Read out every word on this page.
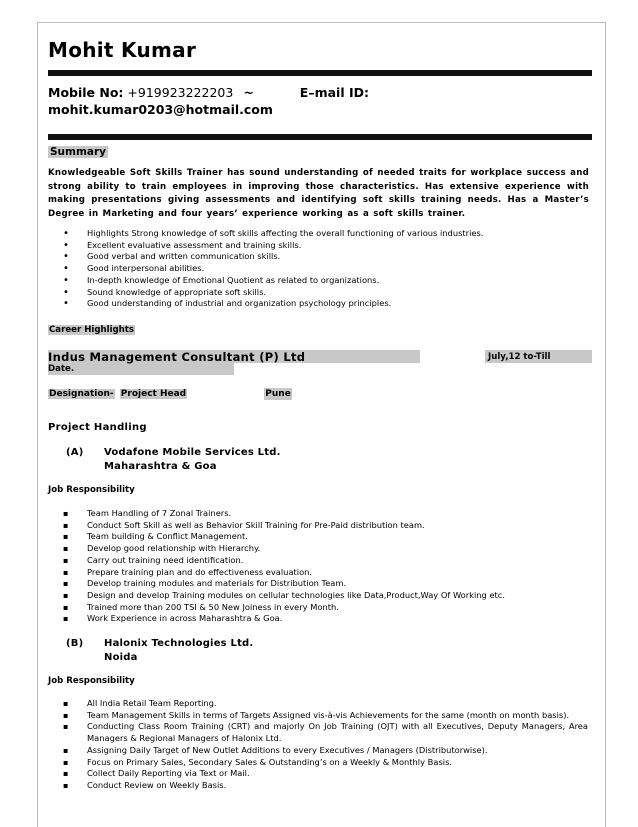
Mohit Kumar
Mobile No: +919923222203 ~	E–mail ID:
mohit.kumar0203@hotmail.com
Summary
Knowledgeable Soft Skills Trainer has sound understanding of needed traits for workplace success and strong ability to train employees in improving those characteristics. Has extensive experience with making presentations giving assessments and identifying soft skills training needs. Has a Master’s Degree in Marketing and four years’ experience working as a soft skills trainer.
• Highlights Strong knowledge of soft skills affecting the overall functioning of various industries.
• Excellent evaluative assessment and training skills.
• Good verbal and written communication skills.
• Good interpersonal abilities.
• In-depth knowledge of Emotional Quotient as related to organizations.
• Sound knowledge of appropriate soft skills.
• Good understanding of industrial and organization psychology principles.
Career Highlights
Indus Management Consultant (P) Ltd	July,12 to-Till
Date.
Designation- Project Head	Pune
Project Handling
(A) Vodafone Mobile Services Ltd.
Maharashtra & Goa
Job Responsibility
▪ Team Handling of 7 Zonal Trainers.
▪ Conduct Soft Skill as well as Behavior Skill Training for Pre-Paid distribution team.
▪ Team building & Conflict Management.
▪ Develop good relationship with Hierarchy.
▪ Carry out training need identification.
▪ Prepare training plan and do effectiveness evaluation.
▪ Develop training modules and materials for Distribution Team.
▪ Design and develop Training modules on cellular technologies like Data,Product,Way Of Working etc.
▪ Trained more than 200 TSI & 50 New Joiness in every Month.
▪ Work Experience in across Maharashtra & Goa.
(B) Halonix Technologies Ltd.
Noida
Job Responsibility
▪ All India Retail Team Reporting.
▪ Team Management Skills in terms of Targets Assigned vis-à-vis Achievements for the same (month on month basis).
▪ Conducting Class Room Training (CRT) and majorly On Job Training (OJT) with all Executives, Deputy Managers, Area Managers & Regional Managers of Halonix Ltd.
▪ Assigning Daily Target of New Outlet Additions to every Executives / Managers (Distributorwise).
▪ Focus on Primary Sales, Secondary Sales & Outstanding’s on a Weekly & Monthly Basis.
▪ Collect Daily Reporting via Text or Mail.
▪ Conduct Review on Weekly Basis.
